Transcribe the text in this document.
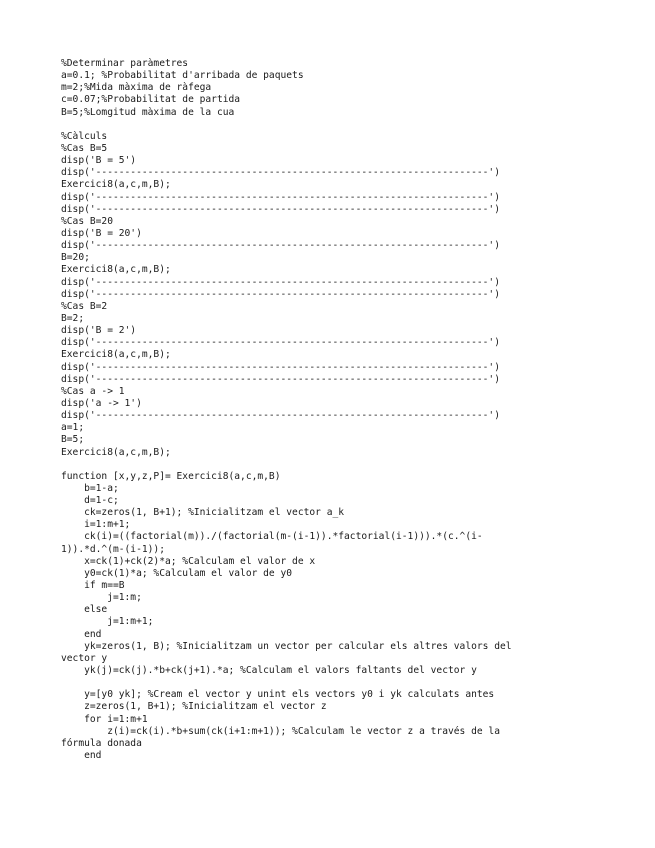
%Determinar paràmetres
a=0.1; %Probabilitat d'arribada de paquets
m=2;%Mida màxima de ràfega
c=0.07;%Probabilitat de partida
B=5;%Lomgitud màxima de la cua
%Càlculs
%Cas B=5
disp('B = 5')
disp('--------------------------------------------------------------------')
Exercici8(a,c,m,B);
disp('--------------------------------------------------------------------')
disp('--------------------------------------------------------------------')
%Cas B=20
disp('B = 20')
disp('--------------------------------------------------------------------')
B=20;
Exercici8(a,c,m,B);
disp('--------------------------------------------------------------------')
disp('--------------------------------------------------------------------')
%Cas B=2
B=2;
disp('B = 2')
disp('--------------------------------------------------------------------')
Exercici8(a,c,m,B);
disp('--------------------------------------------------------------------')
disp('--------------------------------------------------------------------')
%Cas a -> 1
disp('a -> 1')
disp('--------------------------------------------------------------------')
a=1;
B=5;
Exercici8(a,c,m,B);
function [x,y,z,P]= Exercici8(a,c,m,B)
b=1-a;
d=1-c;
ck=zeros(1, B+1); %Inicialitzam el vector a_k
i=1:m+1;
ck(i)=((factorial(m))./(factorial(m-(i-1)).*factorial(i-1))).*(c.^(i-
1)).*d.^(m-(i-1));
x=ck(1)+ck(2)*a; %Calculam el valor de x
y0=ck(1)*a; %Calculam el valor de y0
if m==B
j=1:m;
else
j=1:m+1;
end
yk=zeros(1, B); %Inicialitzam un vector per calcular els altres valors del
vector y
yk(j)=ck(j).*b+ck(j+1).*a; %Calculam el valors faltants del vector y
y=[y0 yk]; %Cream el vector y unint els vectors y0 i yk calculats antes
z=zeros(1, B+1); %Inicialitzam el vector z
for i=1:m+1
z(i)=ck(i).*b+sum(ck(i+1:m+1)); %Calculam le vector z a través de la
fórmula donada
end
